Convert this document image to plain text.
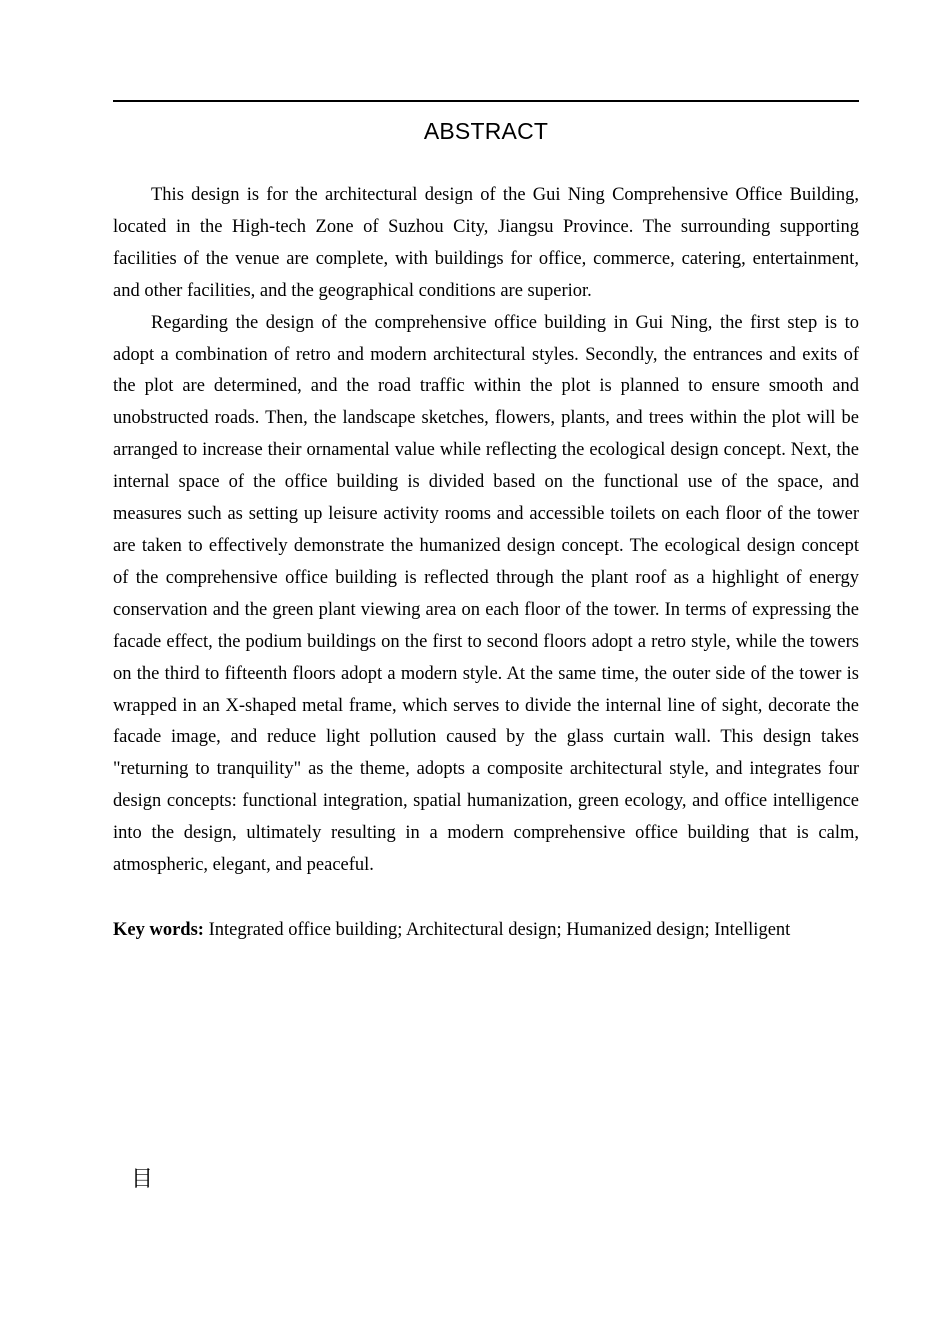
ABSTRACT

This design is for the architectural design of the Gui Ning Comprehensive Office Building, located in the High-tech Zone of Suzhou City, Jiangsu Province. The surrounding supporting facilities of the venue are complete, with buildings for office, commerce, catering, entertainment, and other facilities, and the geographical conditions are superior.

Regarding the design of the comprehensive office building in Gui Ning, the first step is to adopt a combination of retro and modern architectural styles. Secondly, the entrances and exits of the plot are determined, and the road traffic within the plot is planned to ensure smooth and unobstructed roads. Then, the landscape sketches, flowers, plants, and trees within the plot will be arranged to increase their ornamental value while reflecting the ecological design concept. Next, the internal space of the office building is divided based on the functional use of the space, and measures such as setting up leisure activity rooms and accessible toilets on each floor of the tower are taken to effectively demonstrate the humanized design concept. The ecological design concept of the comprehensive office building is reflected through the plant roof as a highlight of energy conservation and the green plant viewing area on each floor of the tower. In terms of expressing the facade effect, the podium buildings on the first to second floors adopt a retro style, while the towers on the third to fifteenth floors adopt a modern style. At the same time, the outer side of the tower is wrapped in an X-shaped metal frame, which serves to divide the internal line of sight, decorate the facade image, and reduce light pollution caused by the glass curtain wall. This design takes "returning to tranquility" as the theme, adopts a composite architectural style, and integrates four design concepts: functional integration, spatial humanization, green ecology, and office intelligence into the design, ultimately resulting in a modern comprehensive office building that is calm, atmospheric, elegant, and peaceful.

Key words: Integrated office building; Architectural design; Humanized design; Intelligent
目
